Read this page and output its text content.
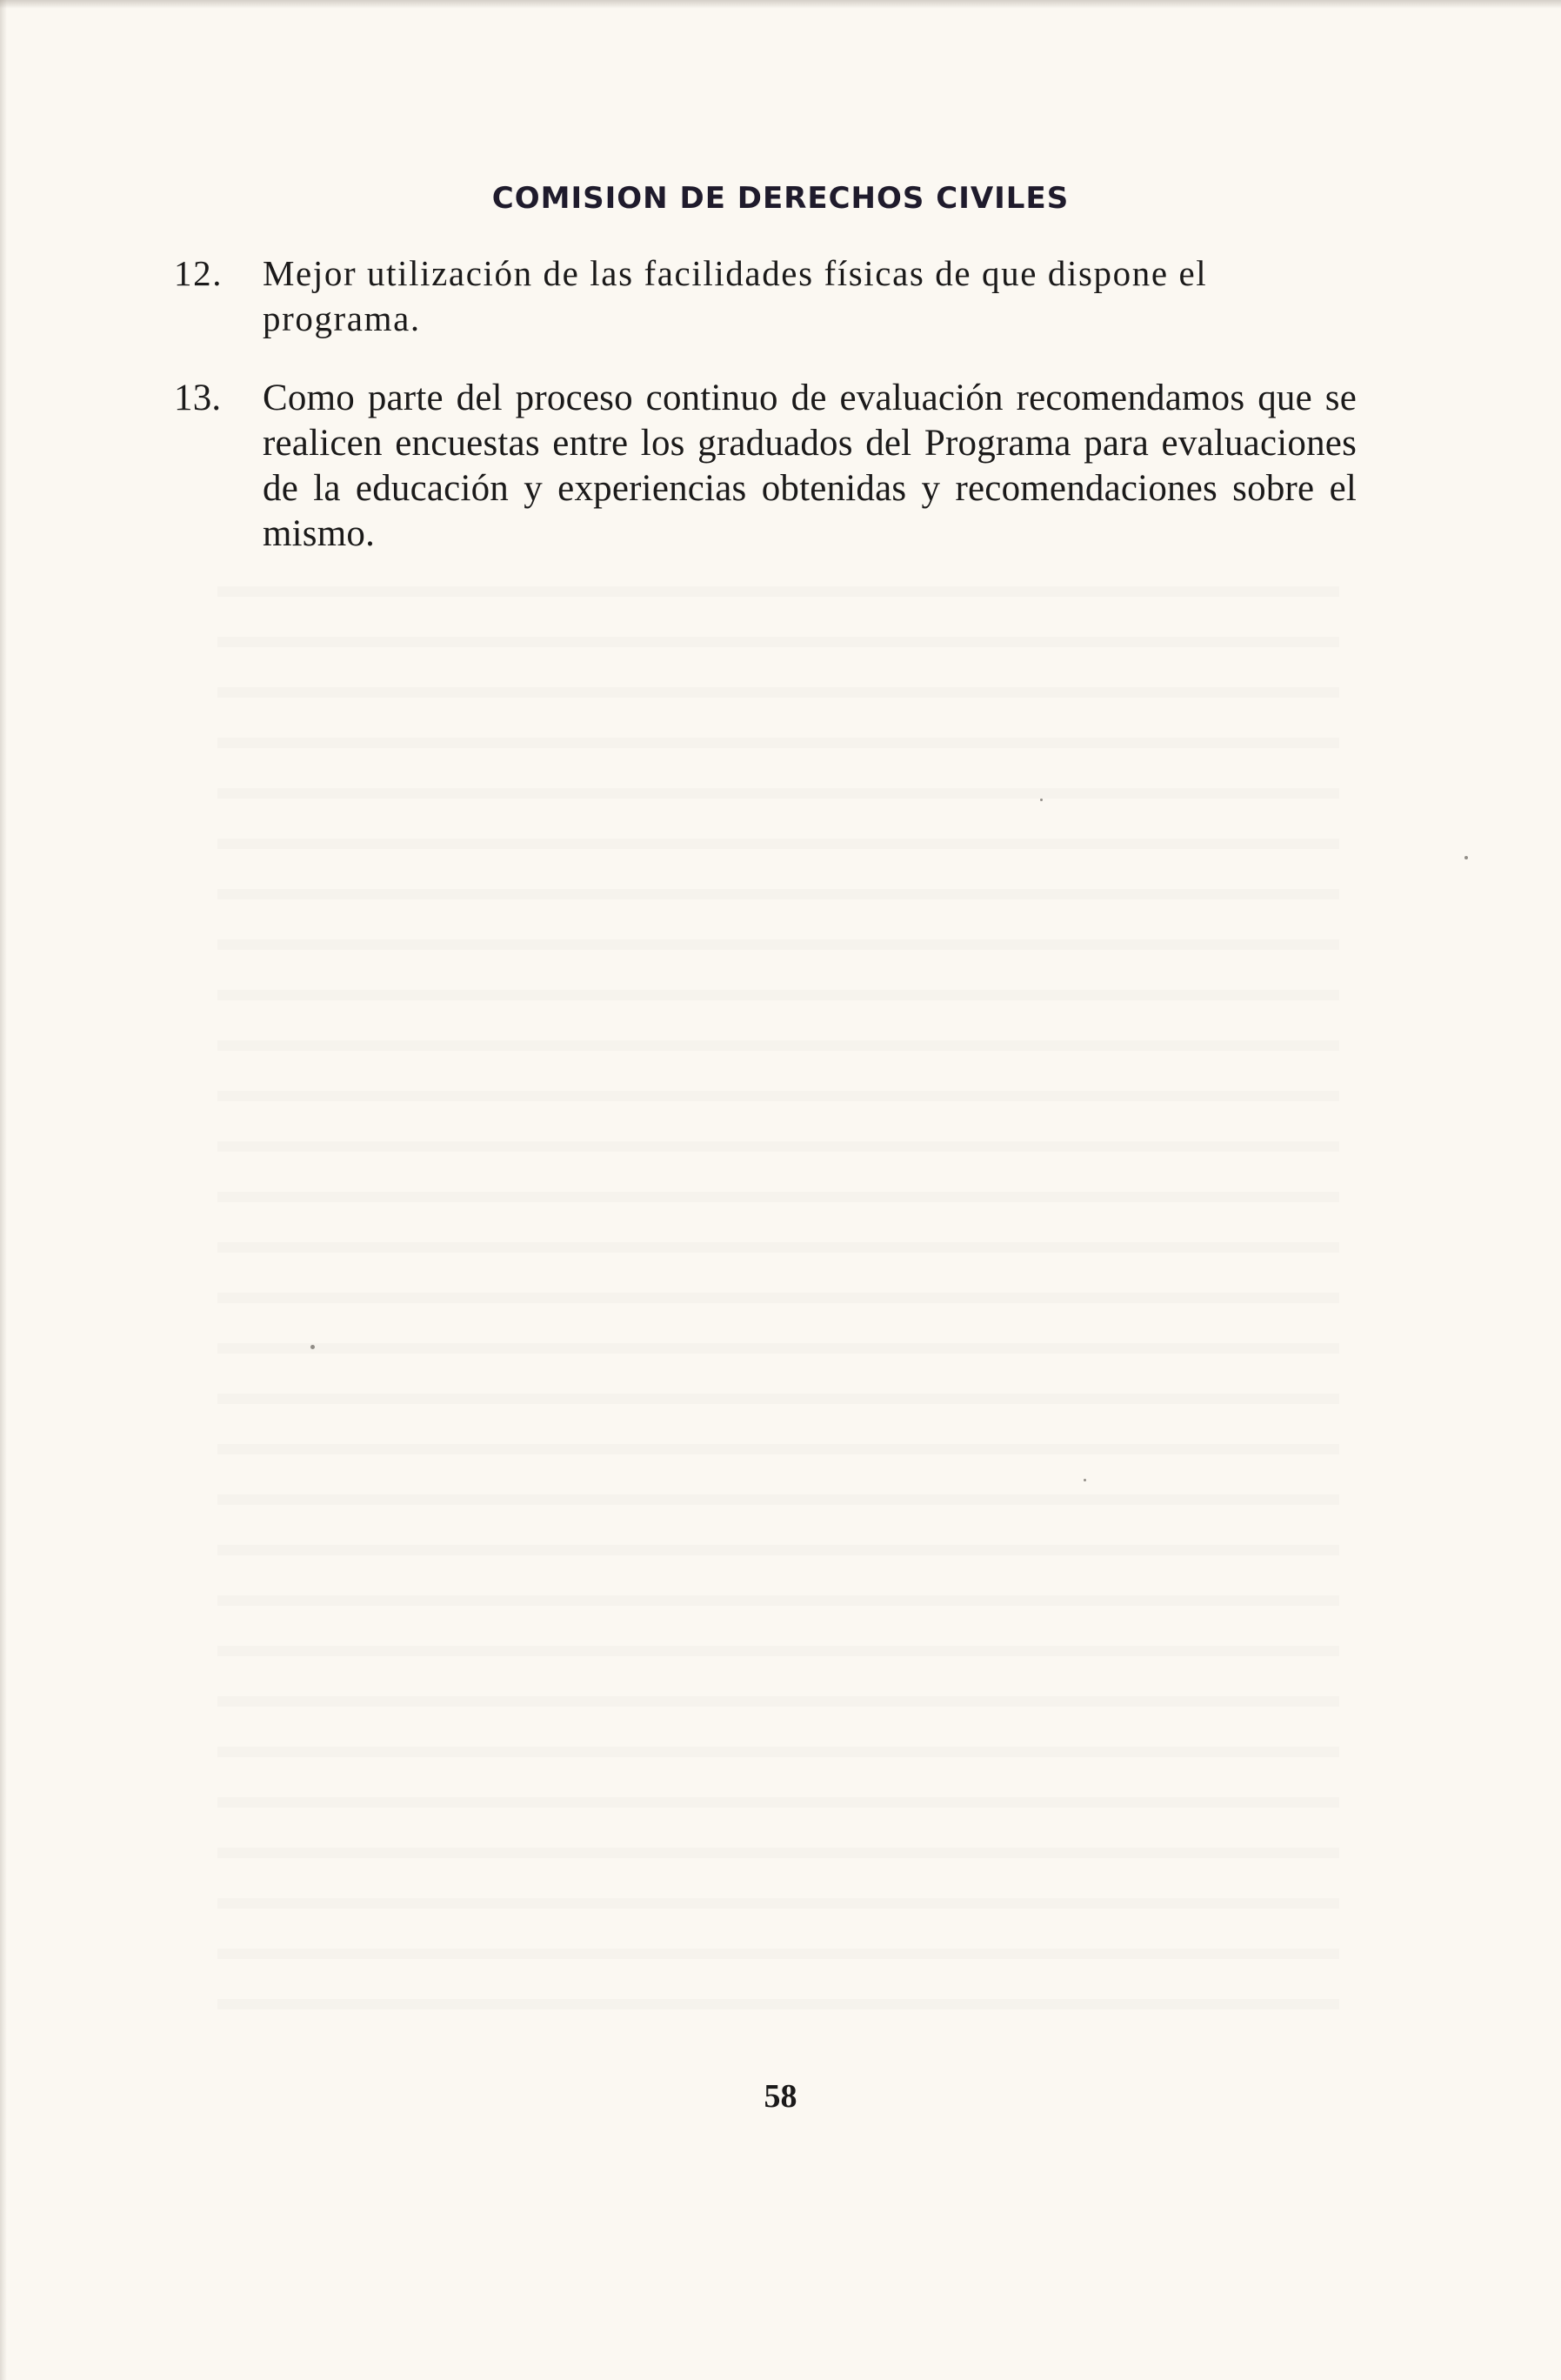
COMISION DE DERECHOS CIVILES
12. Mejor utilización de las facilidades físicas de que dispone el programa.
13. Como parte del proceso continuo de evaluación recomendamos que se realicen encuestas entre los graduados del Programa para evaluaciones de la educación y experiencias obtenidas y recomendaciones sobre el mismo.
58
